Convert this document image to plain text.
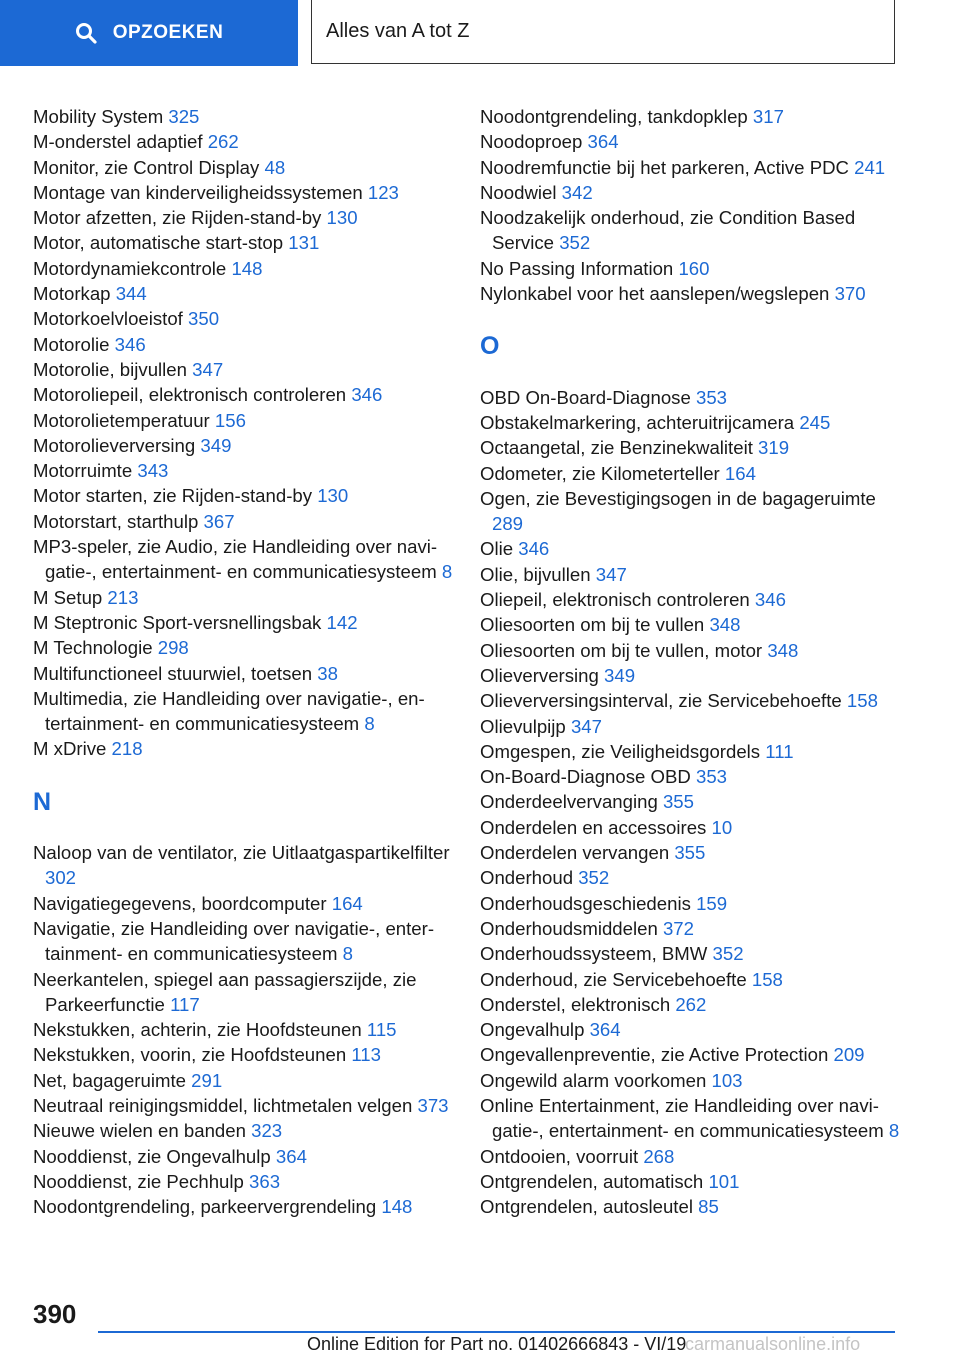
OPZOEKEN	Alles van A tot Z
Mobility System 325
M-onderstel adaptief 262
Monitor, zie Control Display 48
Montage van kinderveiligheidssystemen 123
Motor afzetten, zie Rijden-stand-by 130
Motor, automatische start-stop 131
Motordynamiekcontrole 148
Motorkap 344
Motorkoelvloeistof 350
Motorolie 346
Motorolie, bijvullen 347
Motoroliepeil, elektronisch controleren 346
Motorolietemperatuur 156
Motorolieverversing 349
Motorruimte 343
Motor starten, zie Rijden-stand-by 130
Motorstart, starthulp 367
MP3-speler, zie Audio, zie Handleiding over navigatie-, entertainment- en communicatiesysteem 8
M Setup 213
M Steptronic Sport-versnellingsbak 142
M Technologie 298
Multifunctioneel stuurwiel, toetsen 38
Multimedia, zie Handleiding over navigatie-, entertainment- en communicatiesysteem 8
M xDrive 218
N
Naloop van de ventilator, zie Uitlaatgaspartikelfilter 302
Navigatiegegevens, boordcomputer 164
Navigatie, zie Handleiding over navigatie-, entertainment- en communicatiesysteem 8
Neerkantelen, spiegel aan passagierszijde, zie Parkeerfunctie 117
Nekstukken, achterin, zie Hoofdsteunen 115
Nekstukken, voorin, zie Hoofdsteunen 113
Net, bagageruimte 291
Neutraal reinigingsmiddel, lichtmetalen velgen 373
Nieuwe wielen en banden 323
Nooddienst, zie Ongevalhulp 364
Nooddienst, zie Pechhulp 363
Noodontgrendeling, parkeervergrendeling 148
Noodontgrendeling, tankdopklep 317
Noodoproep 364
Noodremfunctie bij het parkeren, Active PDC 241
Noodwiel 342
Noodzakelijk onderhoud, zie Condition Based Service 352
No Passing Information 160
Nylonkabel voor het aanslepen/wegslepen 370
O
OBD On-Board-Diagnose 353
Obstakelmarkering, achteruitrijcamera 245
Octaangetal, zie Benzinekwaliteit 319
Odometer, zie Kilometerteller 164
Ogen, zie Bevestigingsogen in de bagageruimte 289
Olie 346
Olie, bijvullen 347
Oliepeil, elektronisch controleren 346
Oliesoorten om bij te vullen 348
Oliesoorten om bij te vullen, motor 348
Olieverversing 349
Olieverversingsinterval, zie Servicebehoefte 158
Olievulpijp 347
Omgespen, zie Veiligheidsgordels 111
On-Board-Diagnose OBD 353
Onderdeelvervanging 355
Onderdelen en accessoires 10
Onderdelen vervangen 355
Onderhoud 352
Onderhoudsgeschiedenis 159
Onderhoudsmiddelen 372
Onderhoudssysteem, BMW 352
Onderhoud, zie Servicebehoefte 158
Onderstel, elektronisch 262
Ongevalhulp 364
Ongevallenpreventie, zie Active Protection 209
Ongewild alarm voorkomen 103
Online Entertainment, zie Handleiding over navigatie-, entertainment- en communicatiesysteem 8
Ontdooien, voorruit 268
Ontgrendelen, automatisch 101
Ontgrendelen, autosleutel 85
390
Online Edition for Part no. 01402666843 - VI/19
carmanualsonline.info
